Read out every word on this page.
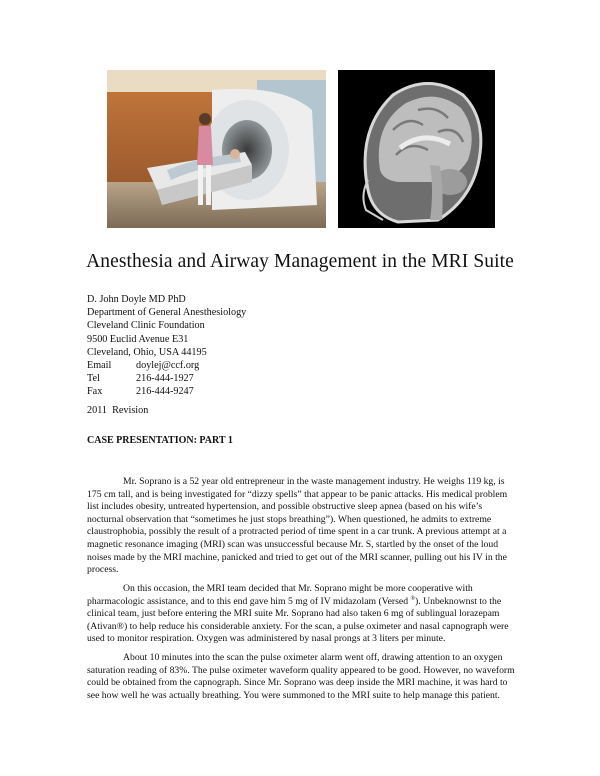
Anesthesia and Airway Management in the MRI Suite
D. John Doyle MD PhD
Department of General Anesthesiology
Cleveland Clinic Foundation
9500 Euclid Avenue E31
Cleveland, Ohio, USA 44195
Email	doylej@ccf.org
Tel	216-444-1927
Fax	216-444-9247
2011  Revision
CASE PRESENTATION: PART 1

Mr. Soprano is a 52 year old entrepreneur in the waste management industry. He weighs 119 kg, is 175 cm tall, and is being investigated for “dizzy spells” that appear to be panic attacks. His medical problem list includes obesity, untreated hypertension, and possible obstructive sleep apnea (based on his wife’s nocturnal observation that “sometimes he just stops breathing”). When questioned, he admits to extreme claustrophobia, possibly the result of a protracted period of time spent in a car trunk. A previous attempt at a magnetic resonance imaging (MRI) scan was unsuccessful because Mr. S, startled by the onset of the loud noises made by the MRI machine, panicked and tried to get out of the MRI scanner, pulling out his IV in the process.

On this occasion, the MRI team decided that Mr. Soprano might be more cooperative with pharmacologic assistance, and to this end gave him 5 mg of IV midazolam (Versed ®). Unbeknownst to the clinical team, just before entering the MRI suite Mr. Soprano had also taken 6 mg of sublingual lorazepam (Ativan®) to help reduce his considerable anxiety. For the scan, a pulse oximeter and nasal capnograph were used to monitor respiration. Oxygen was administered by nasal prongs at 3 liters per minute.

About 10 minutes into the scan the pulse oximeter alarm went off, drawing attention to an oxygen saturation reading of 83%. The pulse oximeter waveform quality appeared to be good. However, no waveform could be obtained from the capnograph. Since Mr. Soprano was deep inside the MRI machine, it was hard to see how well he was actually breathing. You were summoned to the MRI suite to help manage this patient.
